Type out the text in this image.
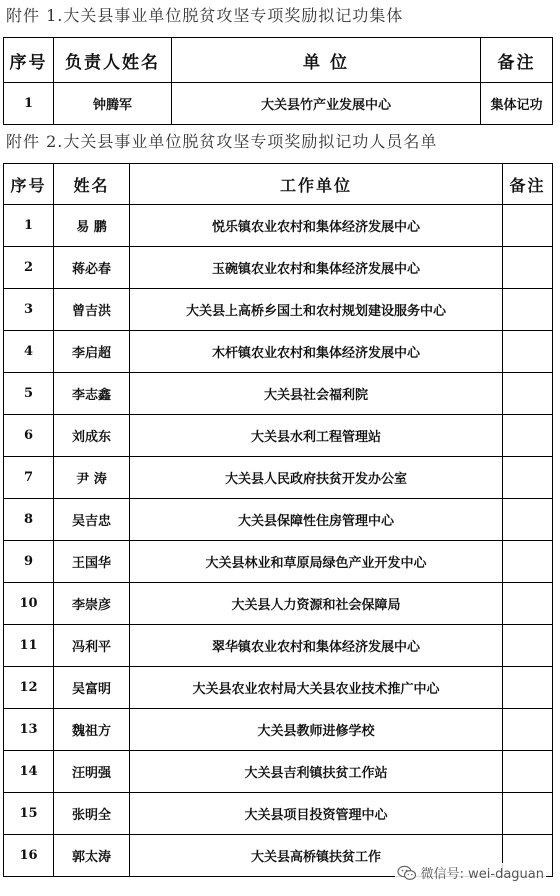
附件 1.大关县事业单位脱贫攻坚专项奖励拟记功集体
序号	负责人姓名	单 位	备注
1	钟腾军	大关县竹产业发展中心	集体记功
附件 2.大关县事业单位脱贫攻坚专项奖励拟记功人员名单
序号	姓名	工作单位	备注
1	易 鹏	悦乐镇农业农村和集体经济发展中心	
2	蒋必春	玉碗镇农业农村和集体经济发展中心	
3	曾吉洪	大关县上高桥乡国土和农村规划建设服务中心	
4	李启超	木杆镇农业农村和集体经济发展中心	
5	李志鑫	大关县社会福利院	
6	刘成东	大关县水利工程管理站	
7	尹 涛	大关县人民政府扶贫开发办公室	
8	吴吉忠	大关县保障性住房管理中心	
9	王国华	大关县林业和草原局绿色产业开发中心	
10	李崇彦	大关县人力资源和社会保障局	
11	冯利平	翠华镇农业农村和集体经济发展中心	
12	吴富明	大关县农业农村局大关县农业技术推广中心	
13	魏祖方	大关县教师进修学校	
14	汪明强	大关县吉利镇扶贫工作站	
15	张明全	大关县项目投资管理中心	
16	郭太涛	大关县高桥镇扶贫工作	
微信号: wei-daguan
